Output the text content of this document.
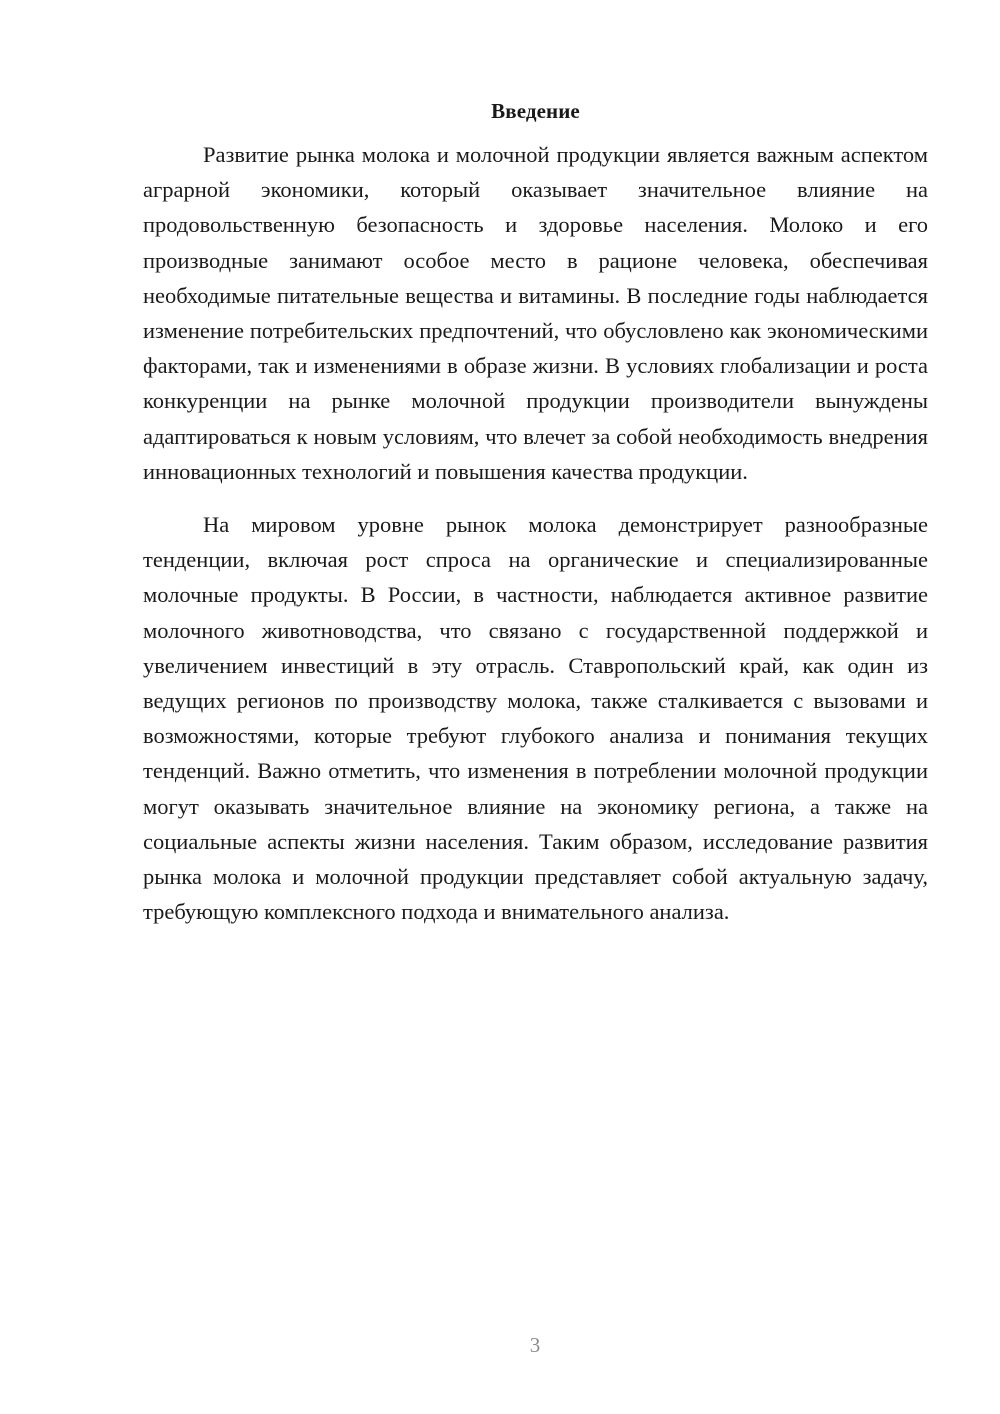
Введение

Развитие рынка молока и молочной продукции является важным аспектом аграрной экономики, который оказывает значительное влияние на продовольственную безопасность и здоровье населения. Молоко и его производные занимают особое место в рационе человека, обеспечивая необходимые питательные вещества и витамины. В последние годы наблюдается изменение потребительских предпочтений, что обусловлено как экономическими факторами, так и изменениями в образе жизни. В условиях глобализации и роста конкуренции на рынке молочной продукции производители вынуждены адаптироваться к новым условиям, что влечет за собой необходимость внедрения инновационных технологий и повышения качества продукции.

На мировом уровне рынок молока демонстрирует разнообразные тенденции, включая рост спроса на органические и специализированные молочные продукты. В России, в частности, наблюдается активное развитие молочного животноводства, что связано с государственной поддержкой и увеличением инвестиций в эту отрасль. Ставропольский край, как один из ведущих регионов по производству молока, также сталкивается с вызовами и возможностями, которые требуют глубокого анализа и понимания текущих тенденций. Важно отметить, что изменения в потреблении молочной продукции могут оказывать значительное влияние на экономику региона, а также на социальные аспекты жизни населения. Таким образом, исследование развития рынка молока и молочной продукции представляет собой актуальную задачу, требующую комплексного подхода и внимательного анализа.

3
